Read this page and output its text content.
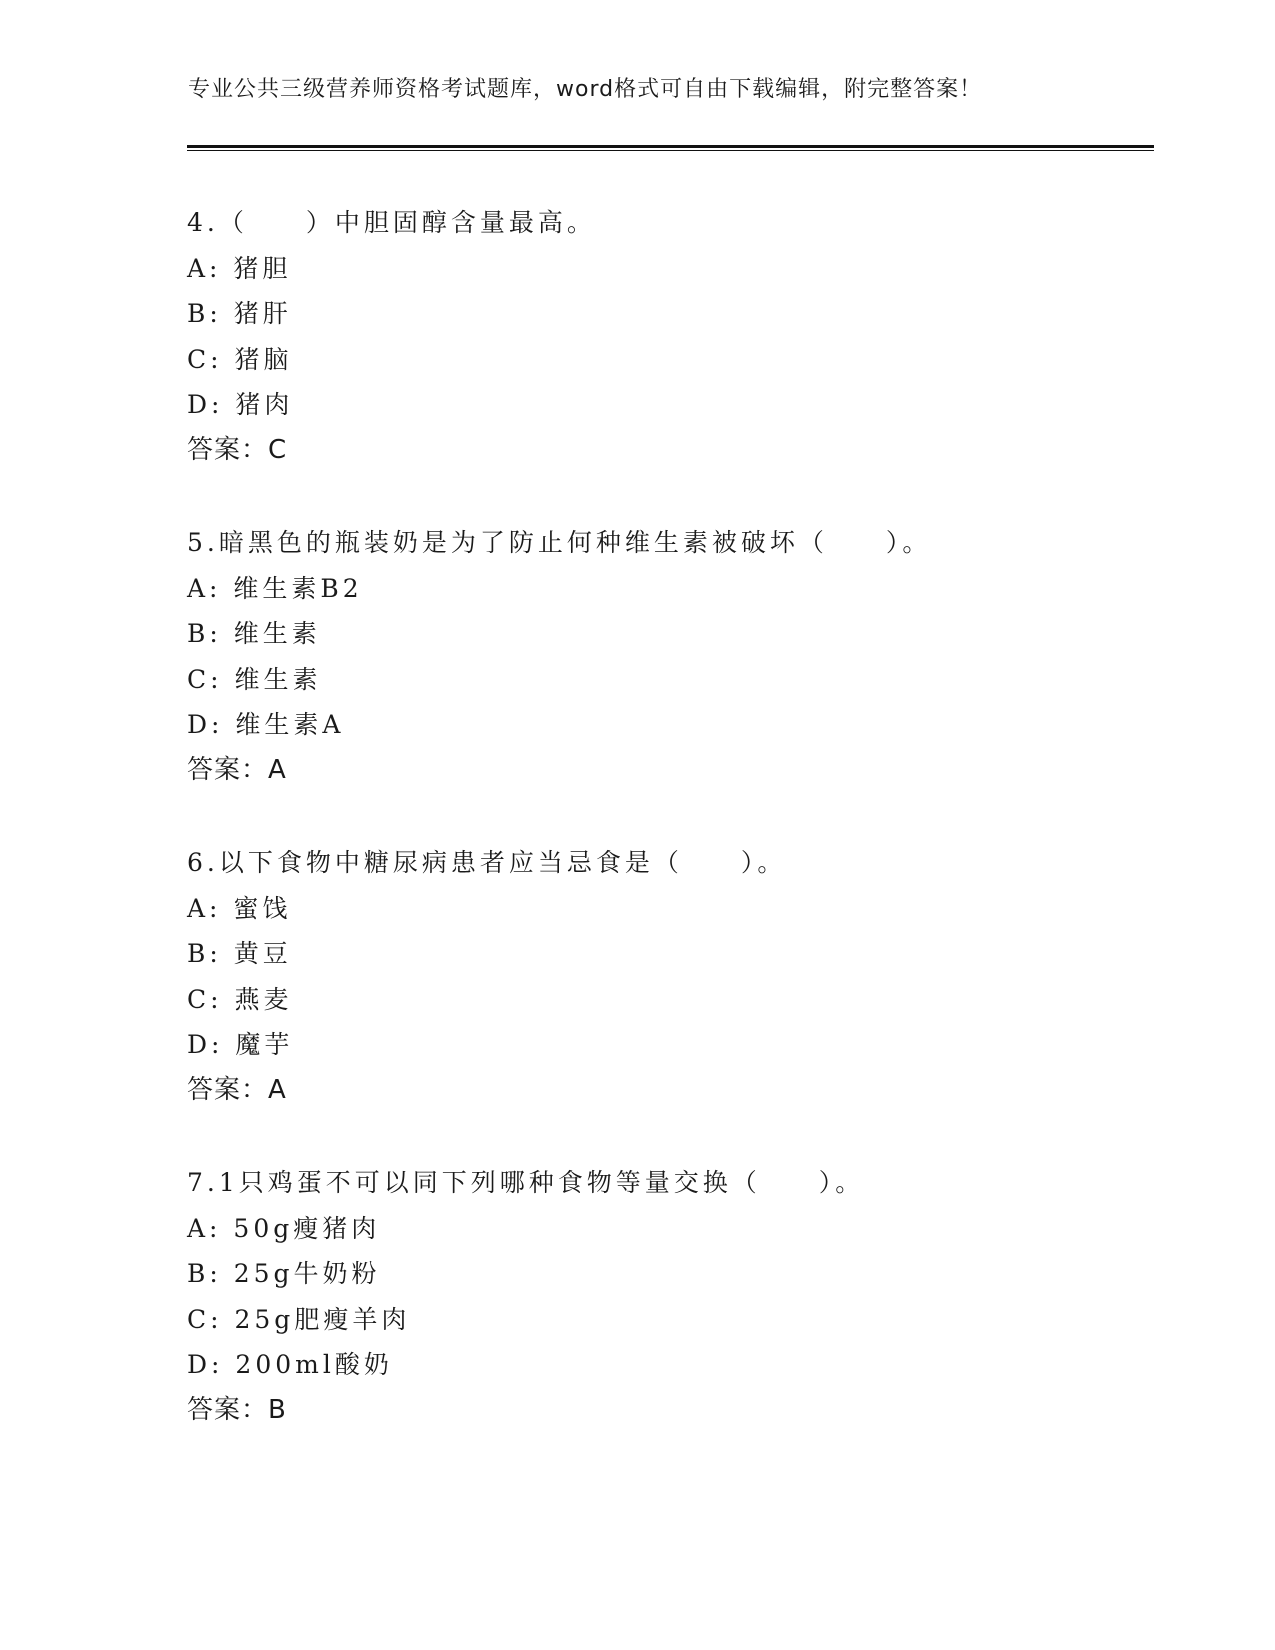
专业公共三级营养师资格考试题库，word格式可自由下载编辑，附完整答案！
4.（　　）中胆固醇含量最高。
A: 猪胆
B: 猪肝
C: 猪脑
D: 猪肉
答案：C
5.暗黑色的瓶装奶是为了防止何种维生素被破坏（　　）。
A: 维生素B2
B: 维生素
C: 维生素
D: 维生素A
答案：A
6.以下食物中糖尿病患者应当忌食是（　　）。
A: 蜜饯
B: 黄豆
C: 燕麦
D: 魔芋
答案：A
7.1只鸡蛋不可以同下列哪种食物等量交换（　　）。
A: 50g瘦猪肉
B: 25g牛奶粉
C: 25g肥瘦羊肉
D: 200ml酸奶
答案：B
